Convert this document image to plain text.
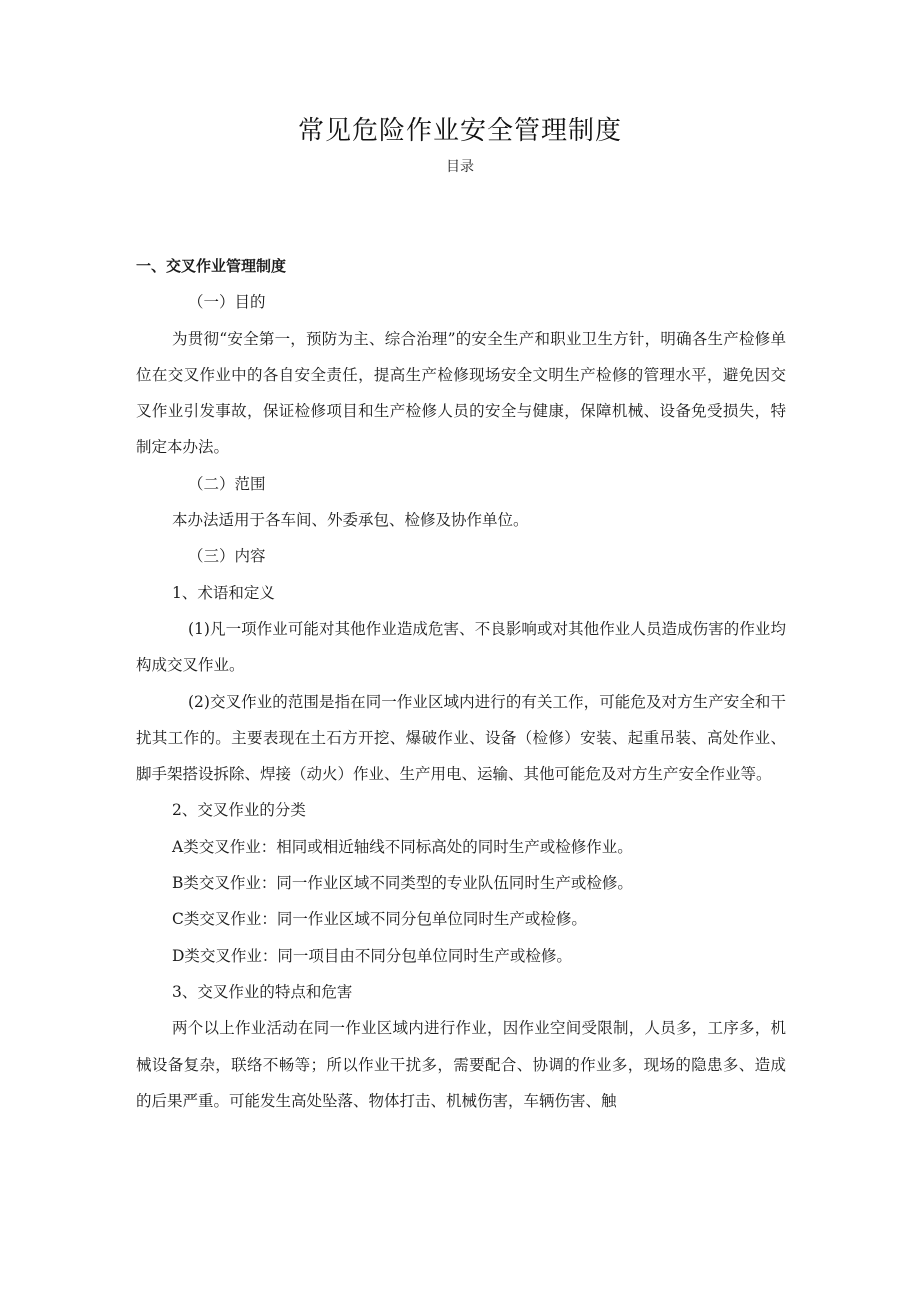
常见危险作业安全管理制度
目录

一、交叉作业管理制度

（一）目的

为贯彻“安全第一，预防为主、综合治理”的安全生产和职业卫生方针，明确各生产检修单位在交叉作业中的各自安全责任，提高生产检修现场安全文明生产检修的管理水平，避免因交叉作业引发事故，保证检修项目和生产检修人员的安全与健康，保障机械、设备免受损失，特制定本办法。

（二）范围

本办法适用于各车间、外委承包、检修及协作单位。

（三）内容

1、术语和定义

(1)凡一项作业可能对其他作业造成危害、不良影响或对其他作业人员造成伤害的作业均构成交叉作业。

(2)交叉作业的范围是指在同一作业区域内进行的有关工作，可能危及对方生产安全和干扰其工作的。主要表现在土石方开挖、爆破作业、设备（检修）安装、起重吊装、高处作业、脚手架搭设拆除、焊接（动火）作业、生产用电、运输、其他可能危及对方生产安全作业等。

2、交叉作业的分类

A类交叉作业：相同或相近轴线不同标高处的同时生产或检修作业。

B类交叉作业：同一作业区域不同类型的专业队伍同时生产或检修。

C类交叉作业：同一作业区域不同分包单位同时生产或检修。

D类交叉作业：同一项目由不同分包单位同时生产或检修。

3、交叉作业的特点和危害

两个以上作业活动在同一作业区域内进行作业，因作业空间受限制，人员多，工序多，机械设备复杂，联络不畅等；所以作业干扰多，需要配合、协调的作业多，现场的隐患多、造成的后果严重。可能发生高处坠落、物体打击、机械伤害，车辆伤害、触
